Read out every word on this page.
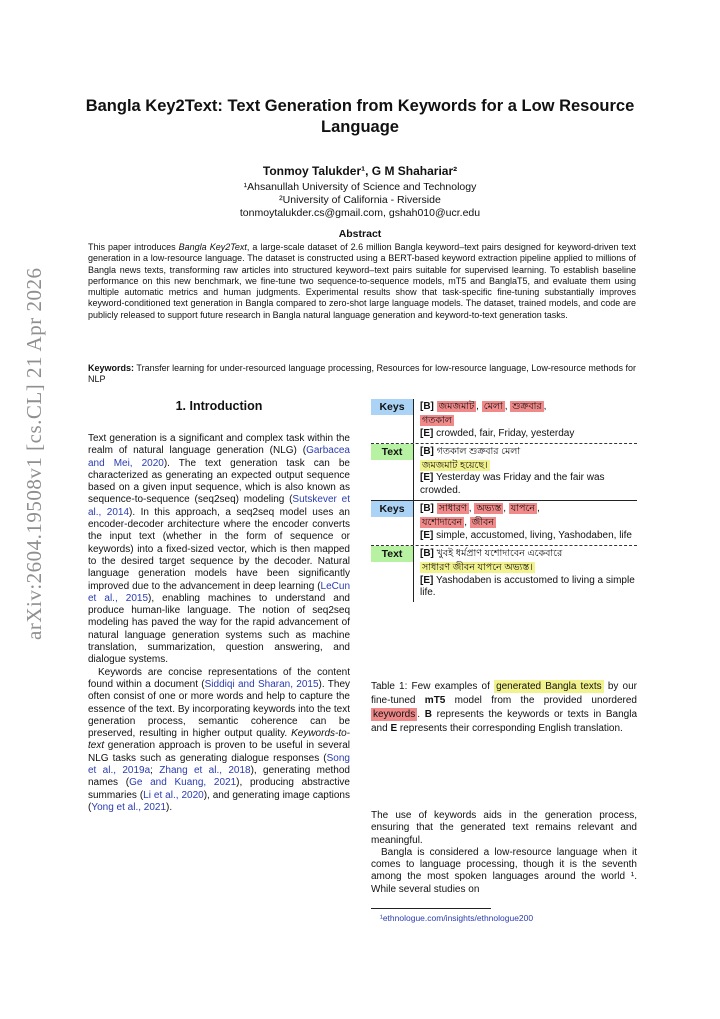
arXiv:2604.19508v1 [cs.CL] 21 Apr 2026
Bangla Key2Text: Text Generation from Keywords for a Low Resource Language
Tonmoy Talukder¹, G M Shahariar²
¹Ahsanullah University of Science and Technology
²University of California - Riverside
tonmoytalukder.cs@gmail.com, gshah010@ucr.edu
Abstract
This paper introduces Bangla Key2Text, a large-scale dataset of 2.6 million Bangla keyword–text pairs designed for keyword-driven text generation in a low-resource language. The dataset is constructed using a BERT-based keyword extraction pipeline applied to millions of Bangla news texts, transforming raw articles into structured keyword–text pairs suitable for supervised learning. To establish baseline performance on this new benchmark, we fine-tune two sequence-to-sequence models, mT5 and BanglaT5, and evaluate them using multiple automatic metrics and human judgments. Experimental results show that task-specific fine-tuning substantially improves keyword-conditioned text generation in Bangla compared to zero-shot large language models. The dataset, trained models, and code are publicly released to support future research in Bangla natural language generation and keyword-to-text generation tasks.
Keywords: Transfer learning for under-resourced language processing, Resources for low-resource language, Low-resource methods for NLP
1. Introduction

Text generation is a significant and complex task within the realm of natural language generation (NLG) (Garbacea and Mei, 2020). The text generation task can be characterized as generating an expected output sequence based on a given input sequence, which is also known as sequence-to-sequence (seq2seq) modeling (Sutskever et al., 2014). In this approach, a seq2seq model uses an encoder-decoder architecture where the encoder converts the input text (whether in the form of sequence or keywords) into a fixed-sized vector, which is then mapped to the desired target sequence by the decoder. Natural language generation models have been significantly improved due to the advancement in deep learning (LeCun et al., 2015), enabling machines to understand and produce human-like language. The notion of seq2seq modeling has paved the way for the rapid advancement of natural language generation systems such as machine translation, summarization, question answering, and dialogue systems.

Keywords are concise representations of the content found within a document (Siddiqi and Sharan, 2015). They often consist of one or more words and help to capture the essence of the text. By incorporating keywords into the text generation process, semantic coherence can be preserved, resulting in higher output quality. Keywords-to-text generation approach is proven to be useful in several NLG tasks such as generating dialogue responses (Song et al., 2019a; Zhang et al., 2018), generating method names (Ge and Kuang, 2021), producing abstractive summaries (Li et al., 2020), and generating image captions (Yong et al., 2021).

Keys	[B] জমজমাট , মেলা , শুক্রবার ,
গতকাল
[E] crowded, fair, Friday, yesterday
Text	[B] গতকাল শুক্রবার মেলা
জমজমাট হয়েছে।
[E] Yesterday was Friday and the fair was crowded.
Keys	[B] সাধারণ , অভ্যস্ত , যাপনে ,
যশোদাবেন , জীবন
[E] simple, accustomed, living, Yashodaben, life
Text	[B] খুবই ধর্মপ্রাণ যশোদাবেন একেবারে
সাধারণ জীবন যাপনে অভ্যস্ত।
[E] Yashodaben is accustomed to living a simple life.
Table 1: Few examples of generated Bangla texts by our fine-tuned mT5 model from the provided unordered keywords . B represents the keywords or texts in Bangla and E represents their corresponding English translation.

The use of keywords aids in the generation process, ensuring that the generated text remains relevant and meaningful.

Bangla is considered a low-resource language when it comes to language processing, though it is the seventh among the most spoken languages around the world ¹. While several studies on

¹ethnologue.com/insights/ethnologue200
